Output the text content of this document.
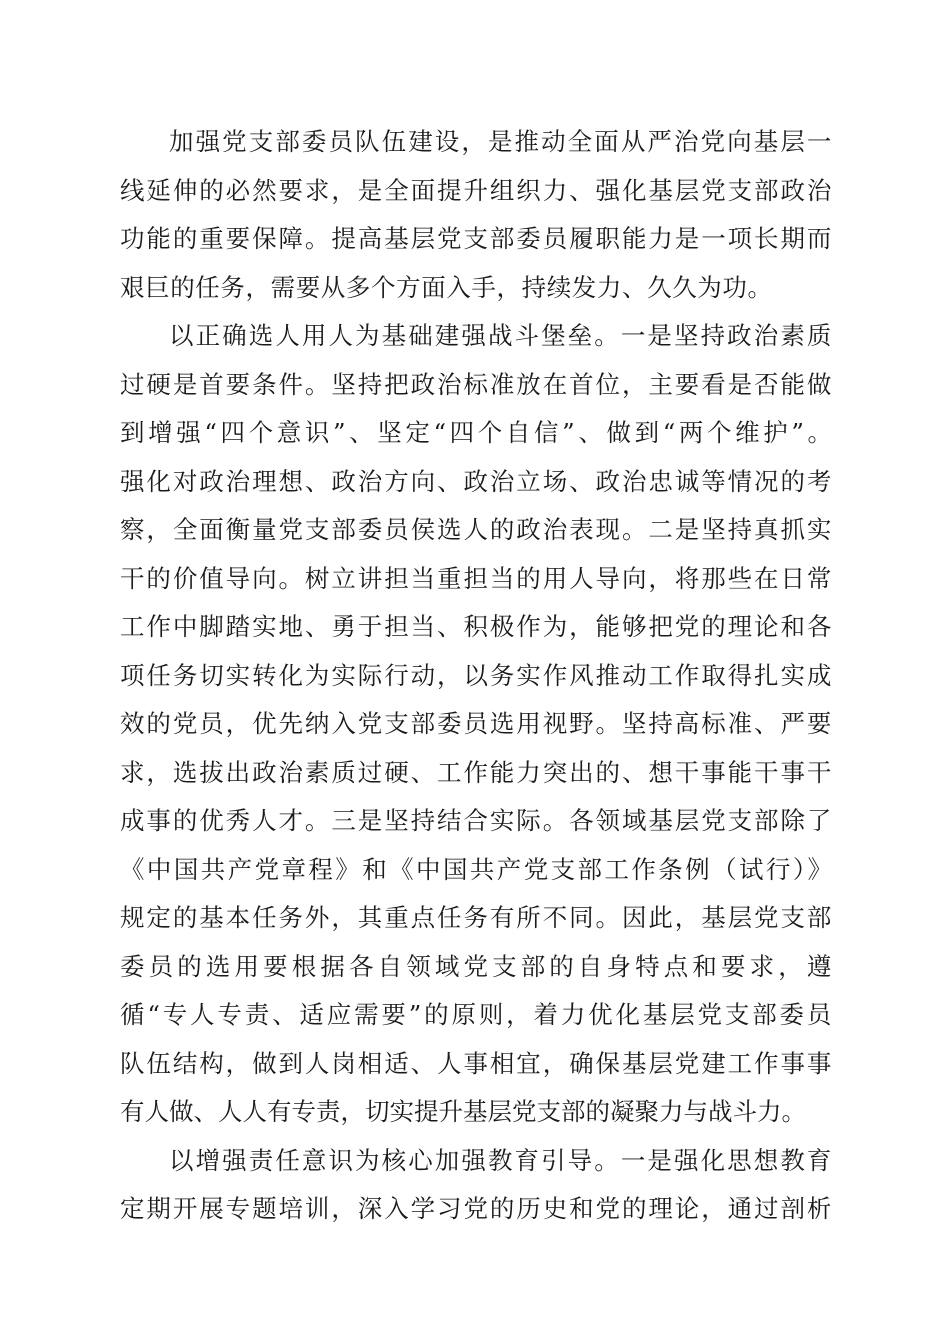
加强党支部委员队伍建设，是推动全面从严治党向基层一
线延伸的必然要求，是全面提升组织力、强化基层党支部政治
功能的重要保障。提高基层党支部委员履职能力是一项长期而
艰巨的任务，需要从多个方面入手，持续发力、久久为功。

以正确选人用人为基础建强战斗堡垒。一是坚持政治素质
过硬是首要条件。坚持把政治标准放在首位，主要看是否能做
到增强“四个意识”、坚定“四个自信”、做到“两个维护”。
强化对政治理想、政治方向、政治立场、政治忠诚等情况的考
察，全面衡量党支部委员侯选人的政治表现。二是坚持真抓实
干的价值导向。树立讲担当重担当的用人导向，将那些在日常
工作中脚踏实地、勇于担当、积极作为，能够把党的理论和各
项任务切实转化为实际行动，以务实作风推动工作取得扎实成
效的党员，优先纳入党支部委员选用视野。坚持高标准、严要
求，选拔出政治素质过硬、工作能力突出的、想干事能干事干
成事的优秀人才。三是坚持结合实际。各领域基层党支部除了
《中国共产党章程》和《中国共产党支部工作条例（试行）》
规定的基本任务外，其重点任务有所不同。因此，基层党支部
委员的选用要根据各自领域党支部的自身特点和要求，遵
循“专人专责、适应需要”的原则，着力优化基层党支部委员
队伍结构，做到人岗相适、人事相宜，确保基层党建工作事事
有人做、人人有专责，切实提升基层党支部的凝聚力与战斗力。

以增强责任意识为核心加强教育引导。一是强化思想教育
定期开展专题培训，深入学习党的历史和党的理论，通过剖析
